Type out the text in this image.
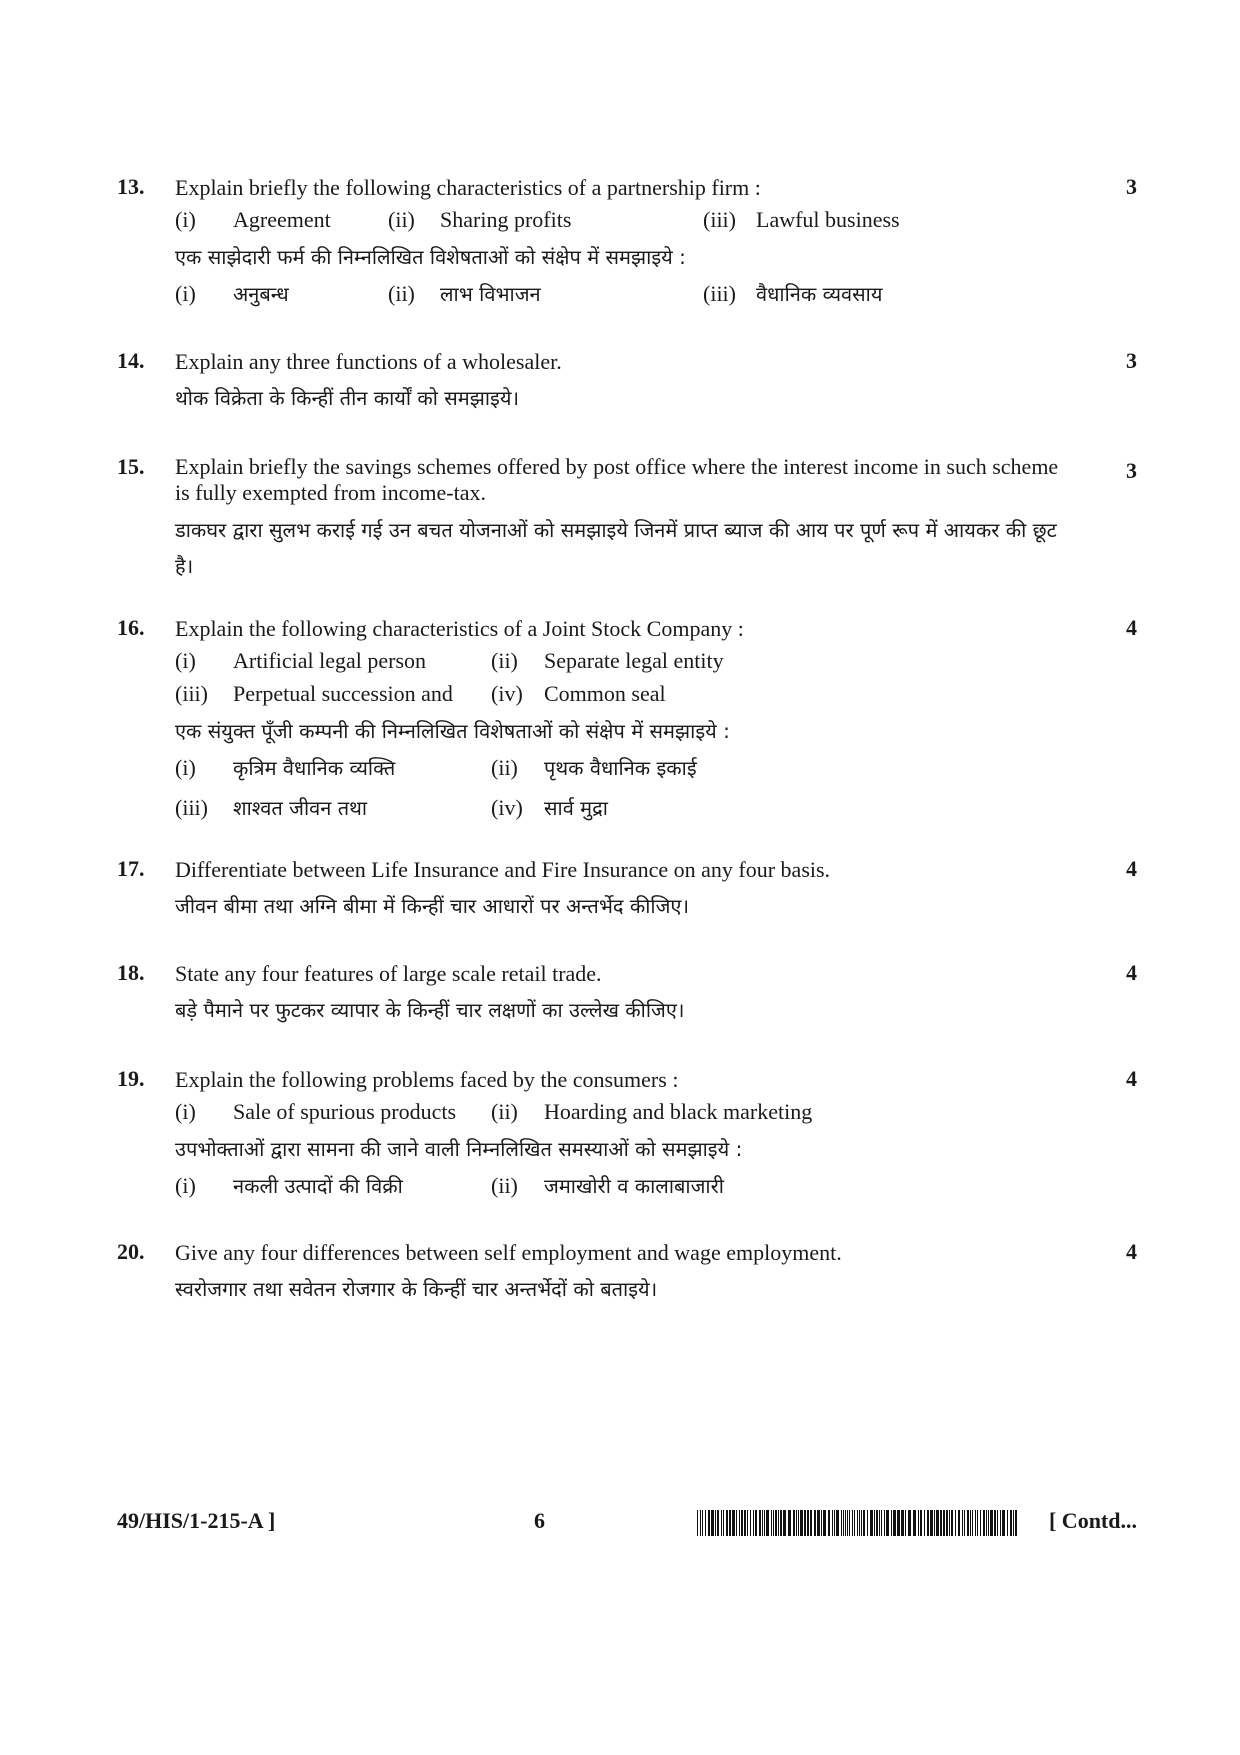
13.	3
Explain briefly the following characteristics of a partnership firm :
(i) Agreement	(ii) Sharing profits	(iii) Lawful business
एक साझेदारी फर्म की निम्नलिखित विशेषताओं को संक्षेप में समझाइये :
(i) अनुबन्ध	(ii) लाभ विभाजन	(iii) वैधानिक व्यवसाय
14.	3
Explain any three functions of a wholesaler.
थोक विक्रेता के किन्हीं तीन कार्यों को समझाइये।
15.	3
Explain briefly the savings schemes offered by post office where the interest income in such scheme is fully exempted from income-tax.
डाकघर द्वारा सुलभ कराई गई उन बचत योजनाओं को समझाइये जिनमें प्राप्त ब्याज की आय पर पूर्ण रूप में आयकर की छूट है।
16.	4
Explain the following characteristics of a Joint Stock Company :
(i) Artificial legal person	(ii) Separate legal entity
(iii) Perpetual succession and (iv) Common seal
एक संयुक्त पूँजी कम्पनी की निम्नलिखित विशेषताओं को संक्षेप में समझाइये :
(i) कृत्रिम वैधानिक व्यक्ति	(ii) पृथक वैधानिक इकाई
(iii) शाश्वत जीवन तथा	(iv) सार्व मुद्रा
17.	4
Differentiate between Life Insurance and Fire Insurance on any four basis.
जीवन बीमा तथा अग्नि बीमा में किन्हीं चार आधारों पर अन्तर्भेद कीजिए।
18.	4
State any four features of large scale retail trade.
बड़े पैमाने पर फुटकर व्यापार के किन्हीं चार लक्षणों का उल्लेख कीजिए।
19.	4
Explain the following problems faced by the consumers :
(i) Sale of spurious products (ii) Hoarding and black marketing
उपभोक्ताओं द्वारा सामना की जाने वाली निम्नलिखित समस्याओं को समझाइये :
(i) नकली उत्पादों की विक्री	(ii) जमाखोरी व कालाबाजारी
20.	4
Give any four differences between self employment and wage employment.
स्वरोजगार तथा सवेतन रोजगार के किन्हीं चार अन्तर्भेदों को बताइये।
49/HIS/1-215-A ]	6	[ Contd...
